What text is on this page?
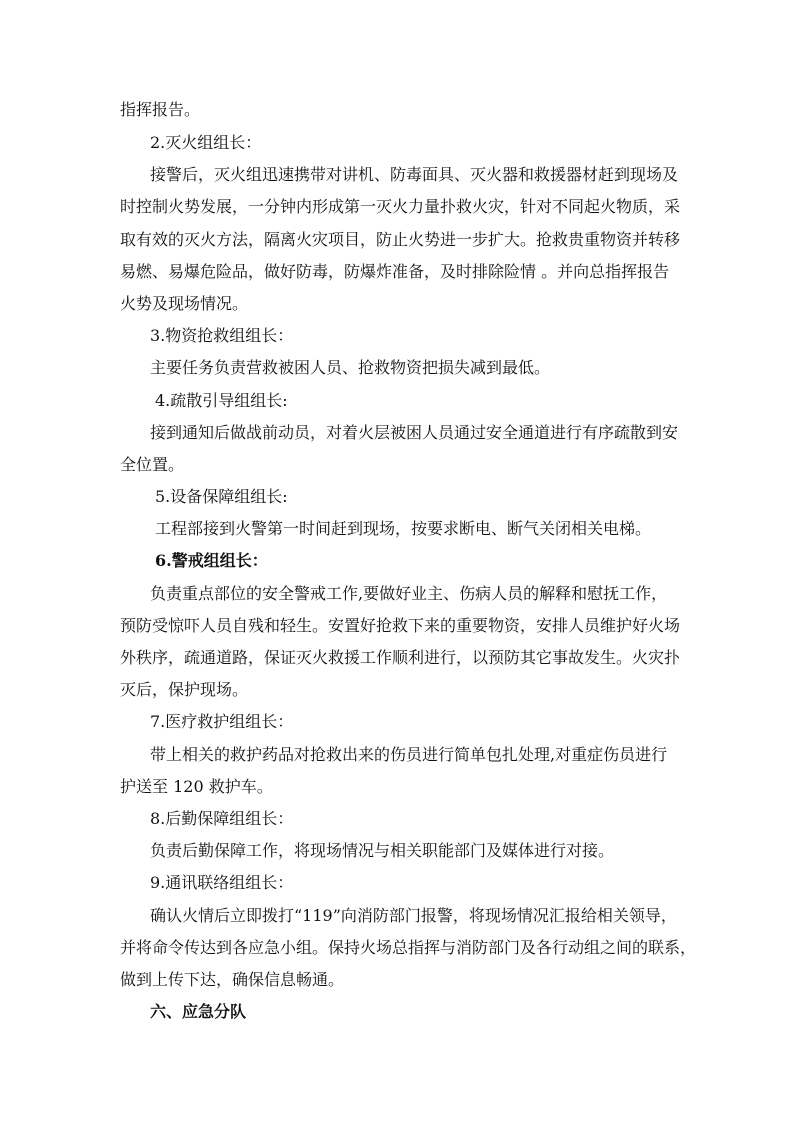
指挥报告。
2.灭火组组长：
接警后，灭火组迅速携带对讲机、防毒面具、灭火器和救援器材赶到现场及
时控制火势发展，一分钟内形成第一灭火力量扑救火灾，针对不同起火物质，采
取有效的灭火方法，隔离火灾项目，防止火势进一步扩大。抢救贵重物资并转移
易燃、易爆危险品，做好防毒，防爆炸准备，及时排除险情 。并向总指挥报告
火势及现场情况。
3.物资抢救组组长：
主要任务负责营救被困人员、抢救物资把损失减到最低。
4.疏散引导组组长:
接到通知后做战前动员，对着火层被困人员通过安全通道进行有序疏散到安
全位置。
5.设备保障组组长:
工程部接到火警第一时间赶到现场，按要求断电、断气关闭相关电梯。
6.警戒组组长：
负责重点部位的安全警戒工作,要做好业主、伤病人员的解释和慰抚工作，
预防受惊吓人员自残和轻生。安置好抢救下来的重要物资，安排人员维护好火场
外秩序，疏通道路，保证灭火救援工作顺利进行，以预防其它事故发生。火灾扑
灭后，保护现场。
7.医疗救护组组长：
带上相关的救护药品对抢救出来的伤员进行简单包扎处理,对重症伤员进行
护送至 120 救护车。
8.后勤保障组组长：
负责后勤保障工作，将现场情况与相关职能部门及媒体进行对接。
9.通讯联络组组长：
确认火情后立即拨打“119”向消防部门报警，将现场情况汇报给相关领导，
并将命令传达到各应急小组。保持火场总指挥与消防部门及各行动组之间的联系，
做到上传下达，确保信息畅通。
六、应急分队
